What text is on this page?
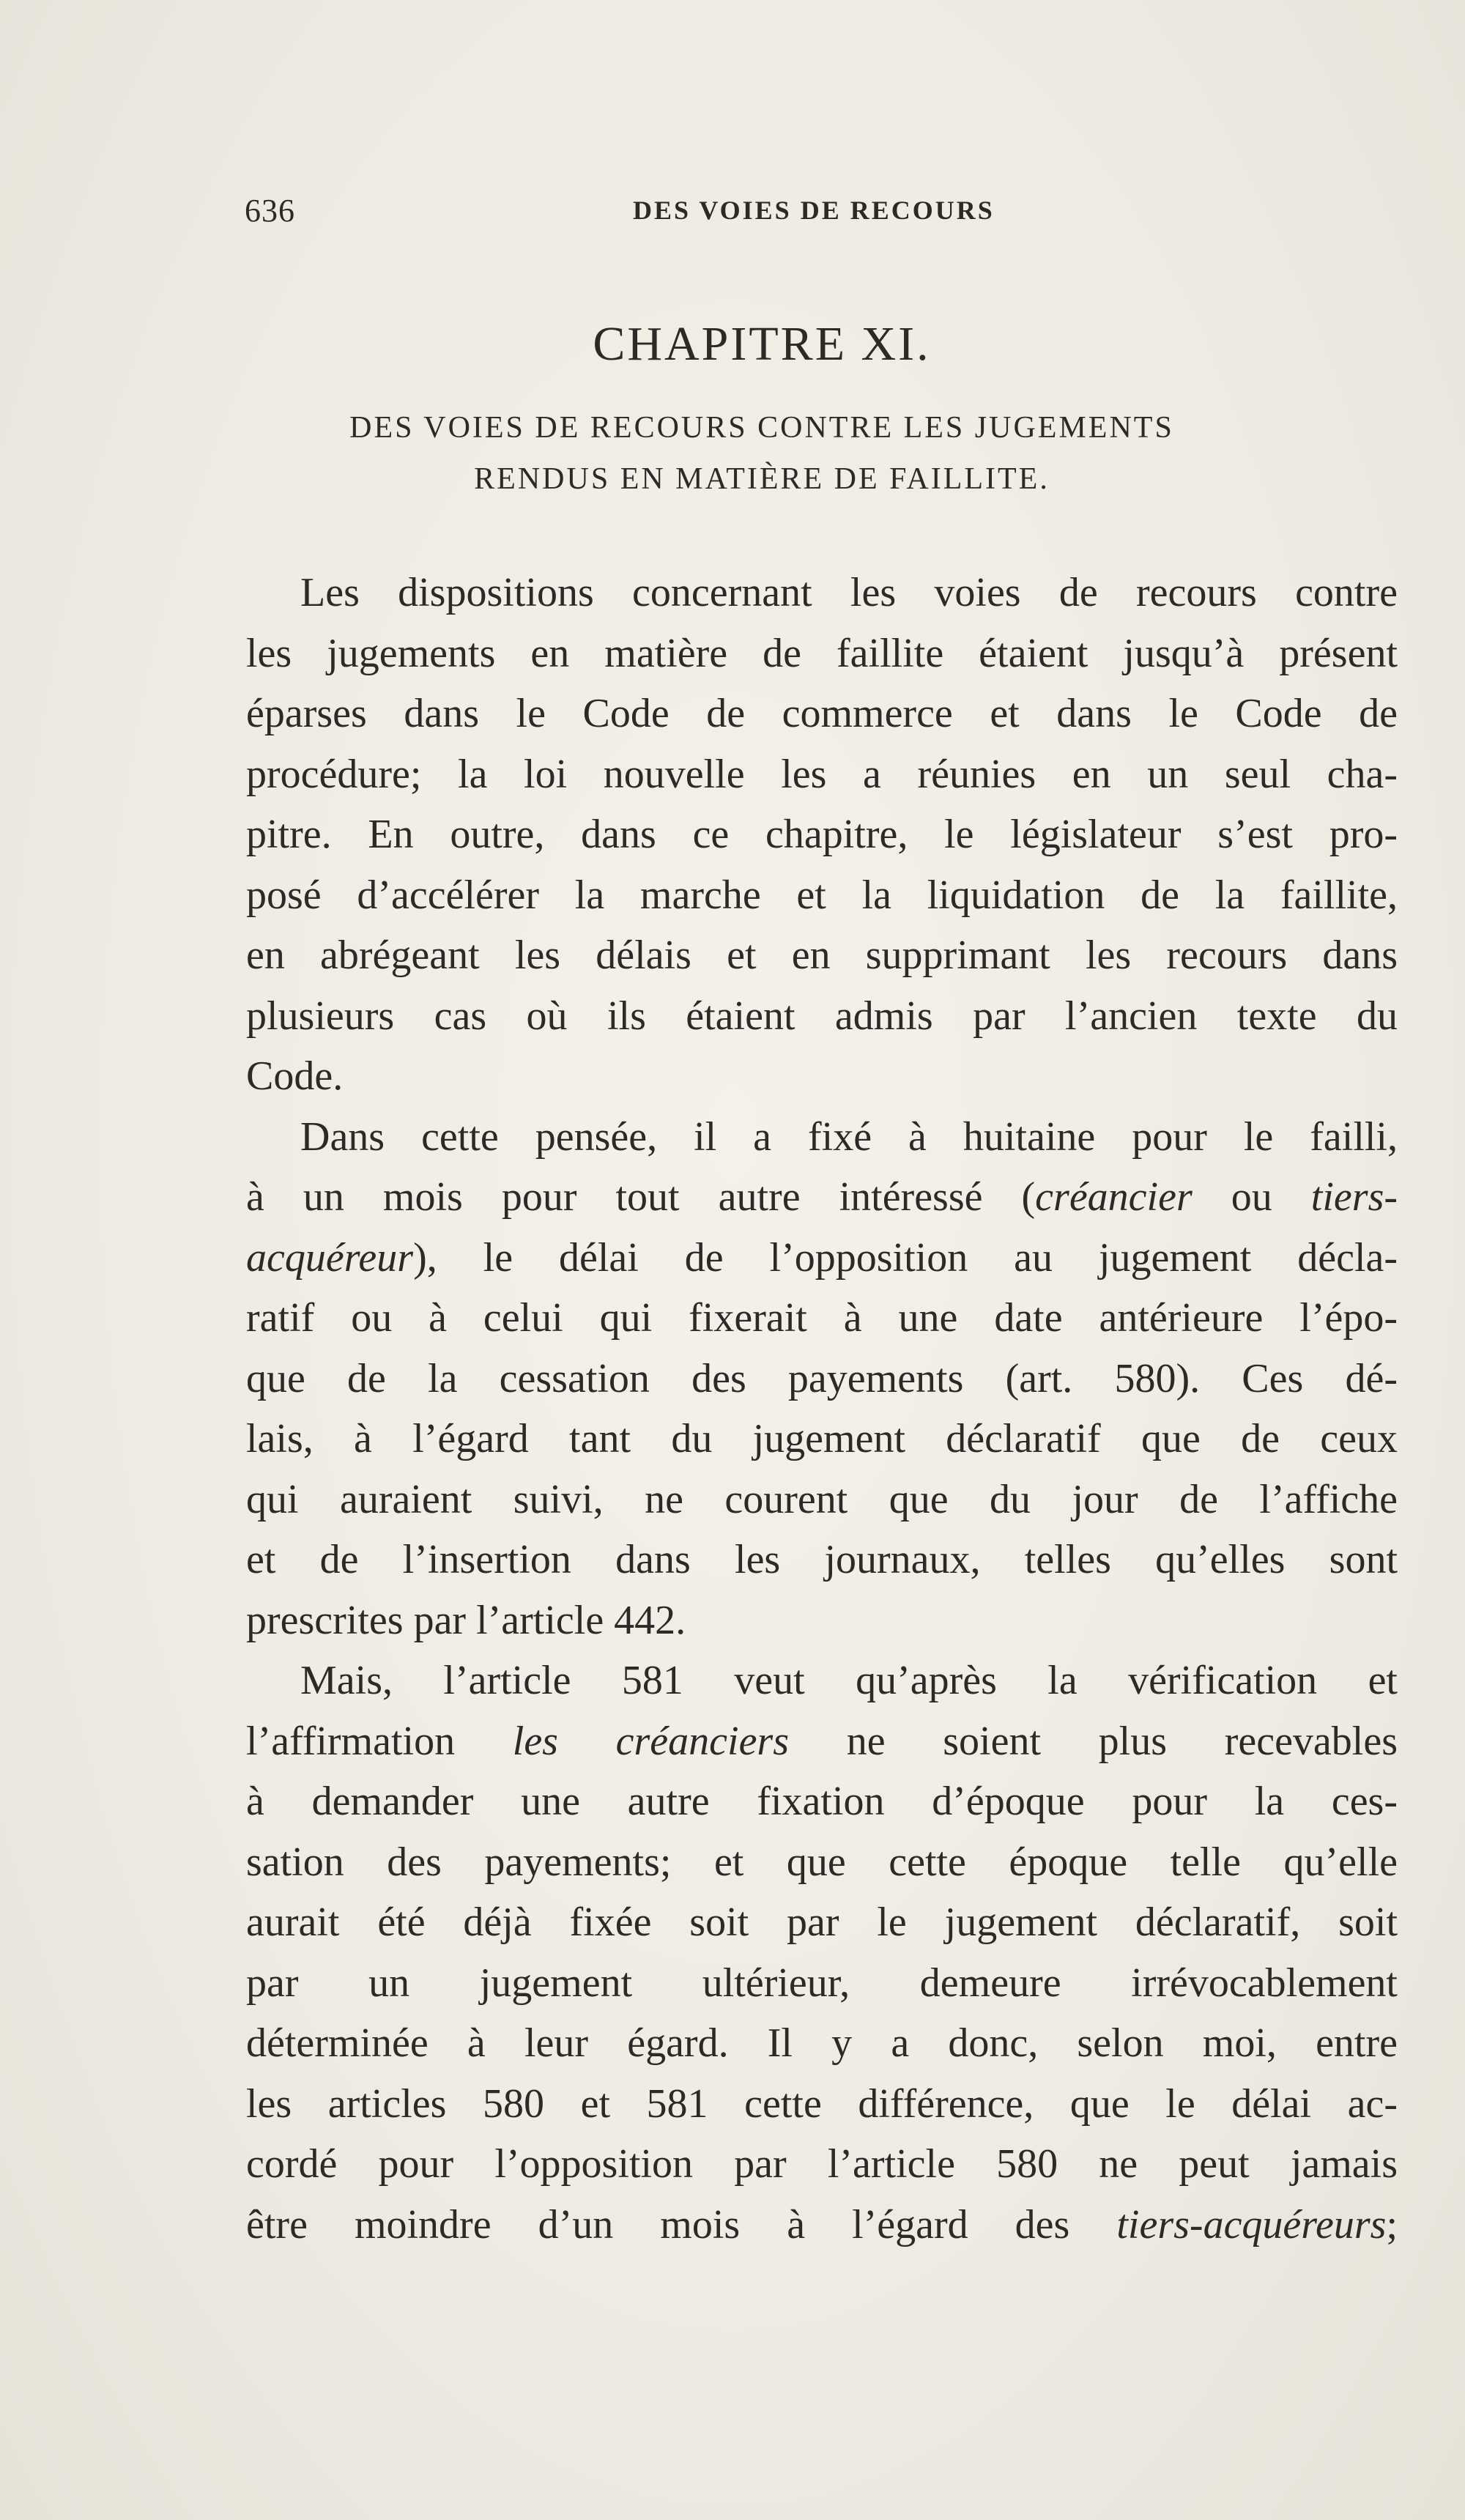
636	DES VOIES DE RECOURS
CHAPITRE XI.
DES VOIES DE RECOURS CONTRE LES JUGEMENTS
RENDUS EN MATIÈRE DE FAILLITE.
Les dispositions concernant les voies de recours contre
les jugements en matière de faillite étaient jusqu’à présent
éparses dans le Code de commerce et dans le Code de
procédure; la loi nouvelle les a réunies en un seul cha-
pitre. En outre, dans ce chapitre, le législateur s’est pro-
posé d’accélérer la marche et la liquidation de la faillite,
en abrégeant les délais et en supprimant les recours dans
plusieurs cas où ils étaient admis par l’ancien texte du
Code.
Dans cette pensée, il a fixé à huitaine pour le failli,
à un mois pour tout autre intéressé (créancier ou tiers-
acquéreur), le délai de l’opposition au jugement décla-
ratif ou à celui qui fixerait à une date antérieure l’épo-
que de la cessation des payements (art. 580). Ces dé-
lais, à l’égard tant du jugement déclaratif que de ceux
qui auraient suivi, ne courent que du jour de l’affiche
et de l’insertion dans les journaux, telles qu’elles sont
prescrites par l’article 442.
Mais, l’article 581 veut qu’après la vérification et
l’affirmation les créanciers ne soient plus recevables
à demander une autre fixation d’époque pour la ces-
sation des payements; et que cette époque telle qu’elle
aurait été déjà fixée soit par le jugement déclaratif, soit
par un jugement ultérieur, demeure irrévocablement
déterminée à leur égard. Il y a donc, selon moi, entre
les articles 580 et 581 cette différence, que le délai ac-
cordé pour l’opposition par l’article 580 ne peut jamais
être moindre d’un mois à l’égard des tiers-acquéreurs;
